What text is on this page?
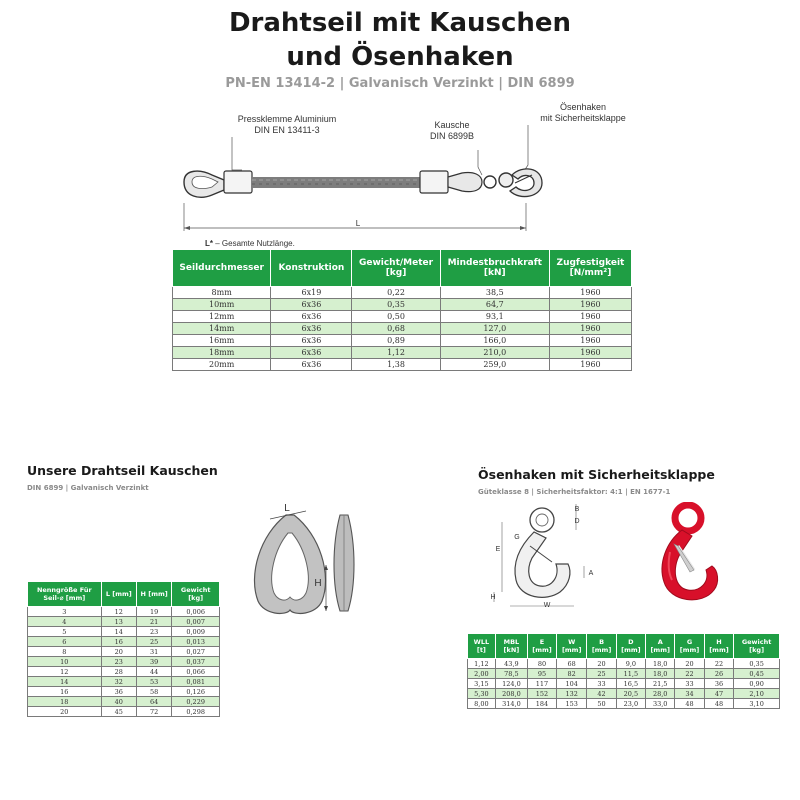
Drahtseil mit Kauschen
und Ösenhaken
PN-EN 13414-2 | Galvanisch Verzinkt | DIN 6899
Pressklemme Aluminium
DIN EN 13411-3	Kausche
DIN 6899B
Ösenhaken
mit Sicherheitsklappe
L
L* – Gesamte Nutzlänge.
Seildurchmesser	Konstruktion	Gewicht/Meter [kg]	Mindestbruchkraft [kN]	Zugfestigkeit [N/mm²]
8mm	6x19	0,22	38,5	1960
10mm	6x36	0,35	64,7	1960
12mm	6x36	0,50	93,1	1960
14mm	6x36	0,68	127,0	1960
16mm	6x36	0,89	166,0	1960
18mm	6x36	1,12	210,0	1960
20mm	6x36	1,38	259,0	1960
Unsere Drahtseil Kauschen
DIN 6899 | Galvanisch Verzinkt
L
H
Nenngröße Für Seil-⌀ [mm]	L [mm]	H [mm]	Gewicht [kg]
3	12	19	0,006
4	13	21	0,007
5	14	23	0,009
6	16	25	0,013
8	20	31	0,027
10	23	39	0,037
12	28	44	0,066
14	32	53	0,081
16	36	58	0,126
18	40	64	0,229
20	45	72	0,298
Ösenhaken mit Sicherheitsklappe
Güteklasse 8 | Sicherheitsfaktor: 4:1 | EN 1677-1
B
D
G
E
A
H
W
WLL [t]	MBL [kN]	E [mm]	W [mm]	B [mm]	D [mm]	A [mm]	G [mm]	H [mm]	Gewicht [kg]
1,12	43,9	80	68	20	9,0	18,0	20	22	0,35
2,00	78,5	95	82	25	11,5	18,0	22	26	0,45
3,15	124,0	117	104	33	16,5	21,5	33	36	0,90
5,30	208,0	152	132	42	20,5	28,0	34	47	2,10
8,00	314,0	184	153	50	23,0	33,0	48	48	3,10
